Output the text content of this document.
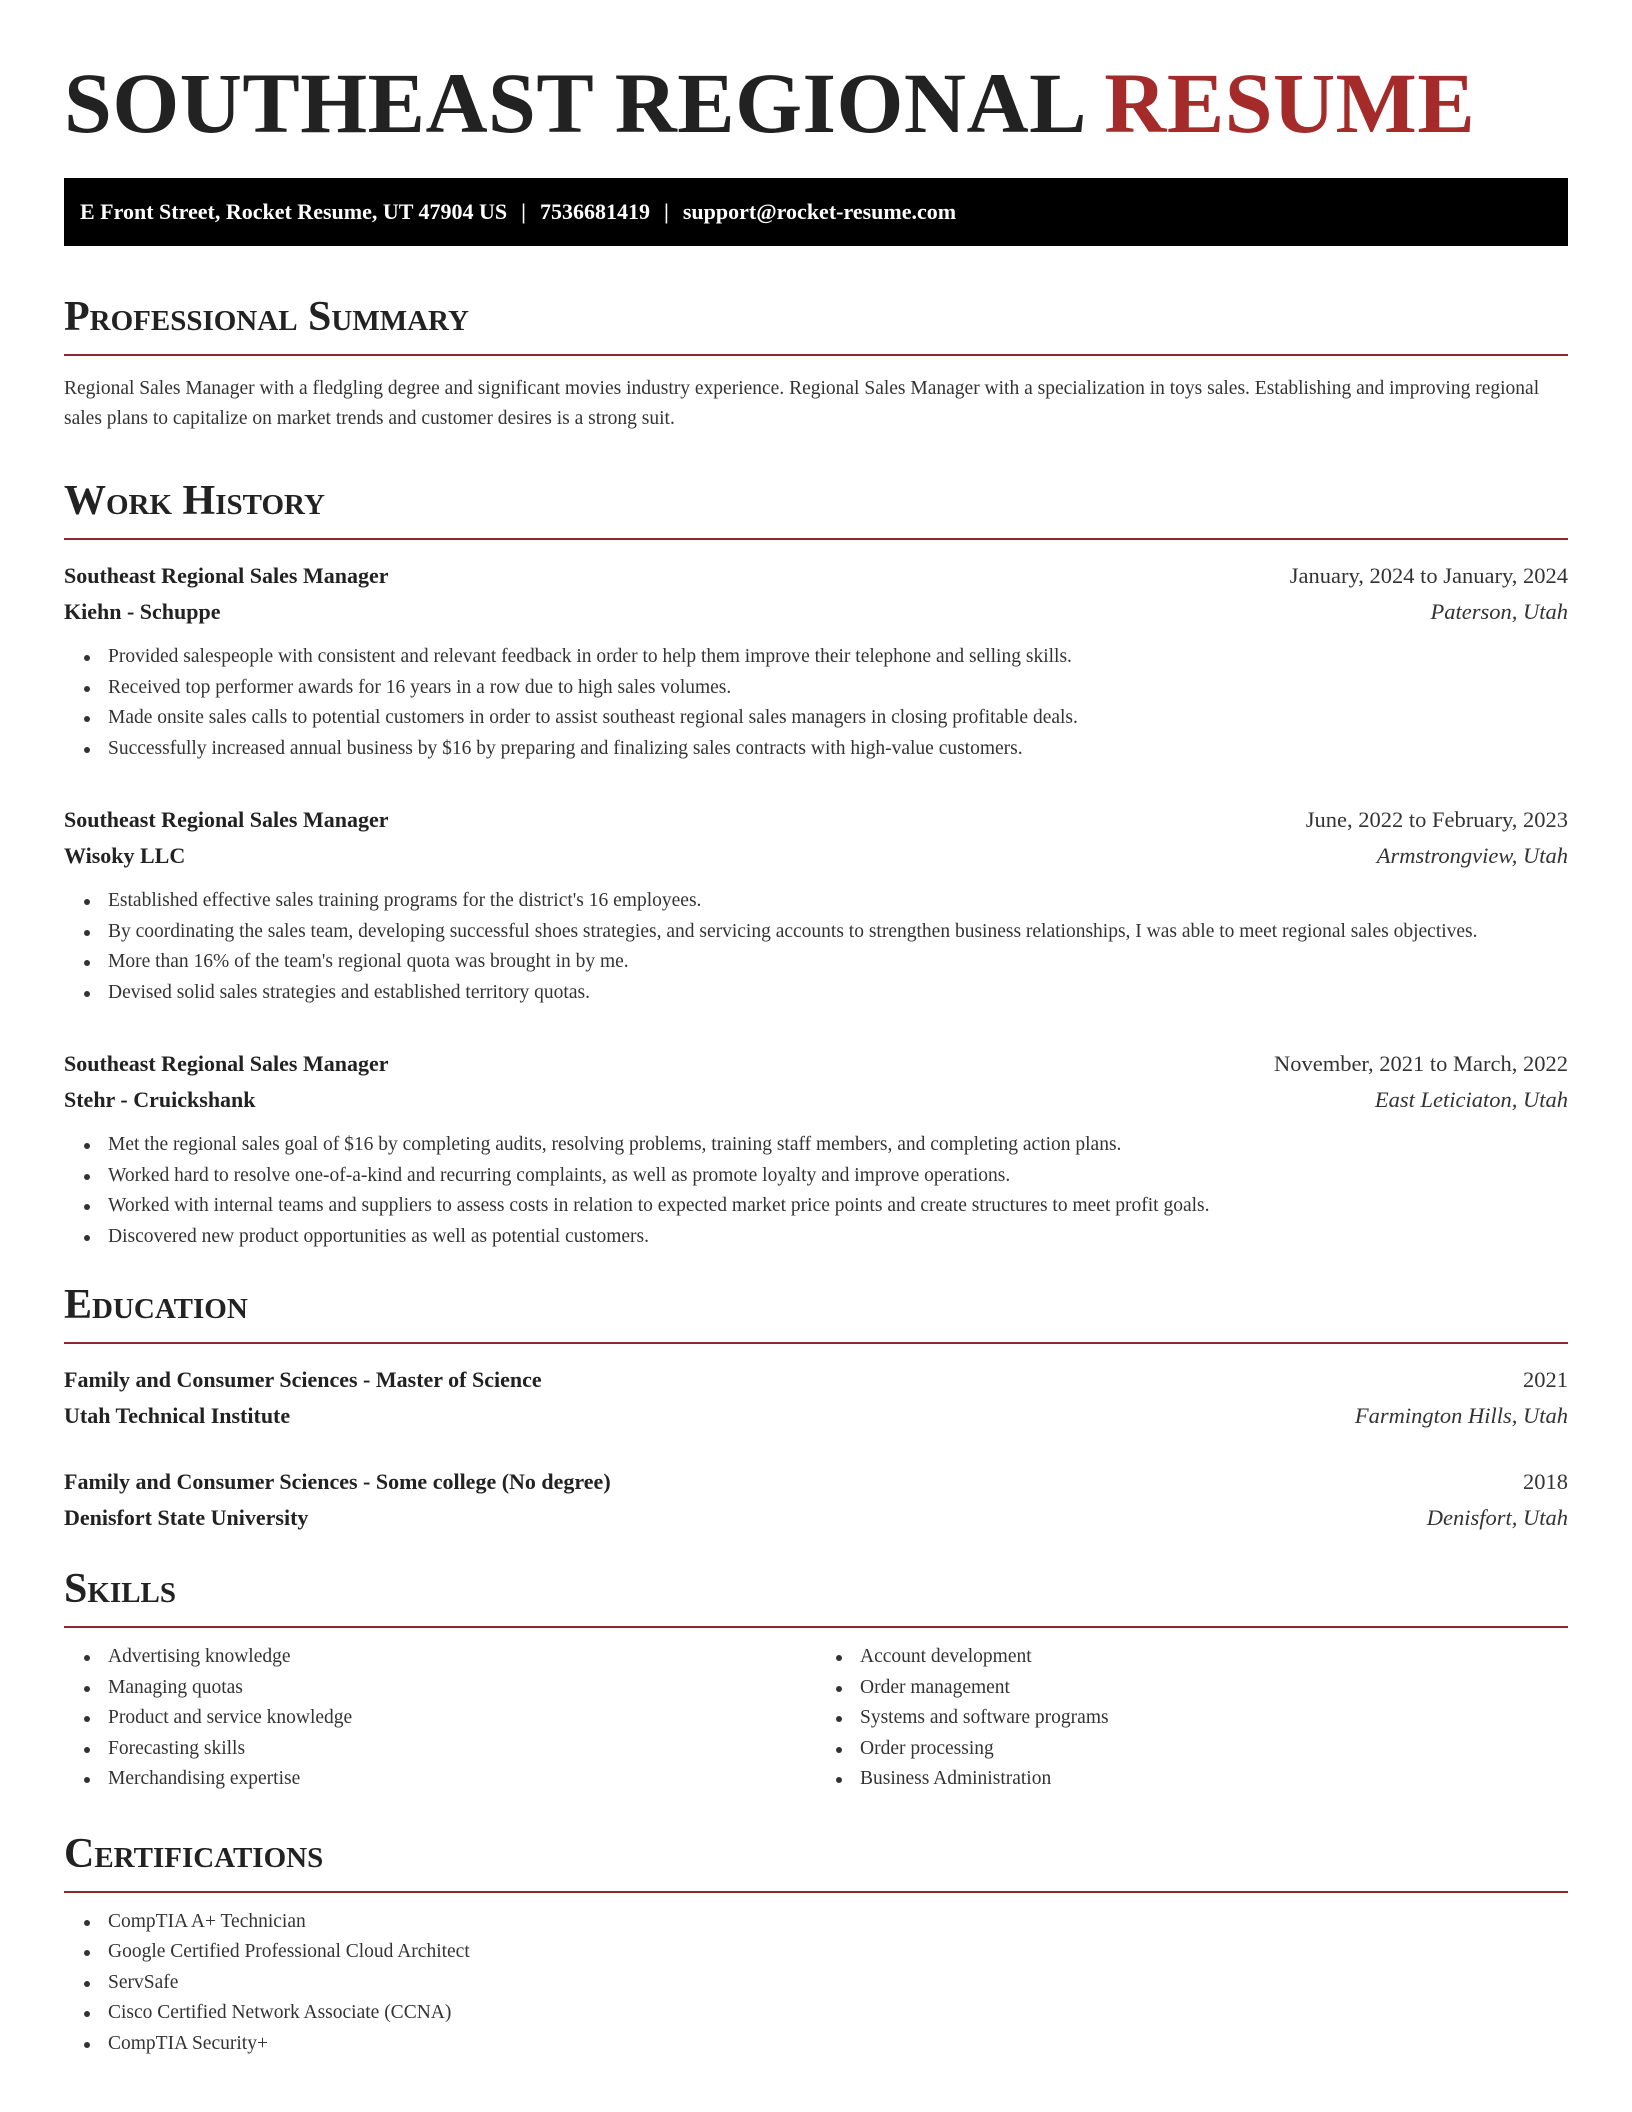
SOUTHEAST REGIONAL RESUME
E Front Street, Rocket Resume, UT 47904 US | 7536681419 | support@rocket-resume.com
Professional Summary

Regional Sales Manager with a fledgling degree and significant movies industry experience. Regional Sales Manager with a specialization in toys sales. Establishing and improving regional sales plans to capitalize on market trends and customer desires is a strong suit.

Work History
Southeast Regional Sales Manager	January, 2024 to January, 2024
Kiehn - Schuppe	Paterson, Utah
Provided salespeople with consistent and relevant feedback in order to help them improve their telephone and selling skills.
Received top performer awards for 16 years in a row due to high sales volumes.
Made onsite sales calls to potential customers in order to assist southeast regional sales managers in closing profitable deals.
Successfully increased annual business by $16 by preparing and finalizing sales contracts with high-value customers.
Southeast Regional Sales Manager	June, 2022 to February, 2023
Wisoky LLC	Armstrongview, Utah
Established effective sales training programs for the district's 16 employees.
By coordinating the sales team, developing successful shoes strategies, and servicing accounts to strengthen business relationships, I was able to meet regional sales objectives.
More than 16% of the team's regional quota was brought in by me.
Devised solid sales strategies and established territory quotas.
Southeast Regional Sales Manager	November, 2021 to March, 2022
Stehr - Cruickshank	East Leticiaton, Utah
Met the regional sales goal of $16 by completing audits, resolving problems, training staff members, and completing action plans.
Worked hard to resolve one-of-a-kind and recurring complaints, as well as promote loyalty and improve operations.
Worked with internal teams and suppliers to assess costs in relation to expected market price points and create structures to meet profit goals.
Discovered new product opportunities as well as potential customers.
Education
Family and Consumer Sciences - Master of Science	2021
Utah Technical Institute	Farmington Hills, Utah
Family and Consumer Sciences - Some college (No degree)	2018
Denisfort State University	Denisfort, Utah
Skills
Advertising knowledge
Managing quotas
Product and service knowledge
Forecasting skills
Merchandising expertise
Account development
Order management
Systems and software programs
Order processing
Business Administration
Certifications
CompTIA A+ Technician
Google Certified Professional Cloud Architect
ServSafe
Cisco Certified Network Associate (CCNA)
CompTIA Security+
